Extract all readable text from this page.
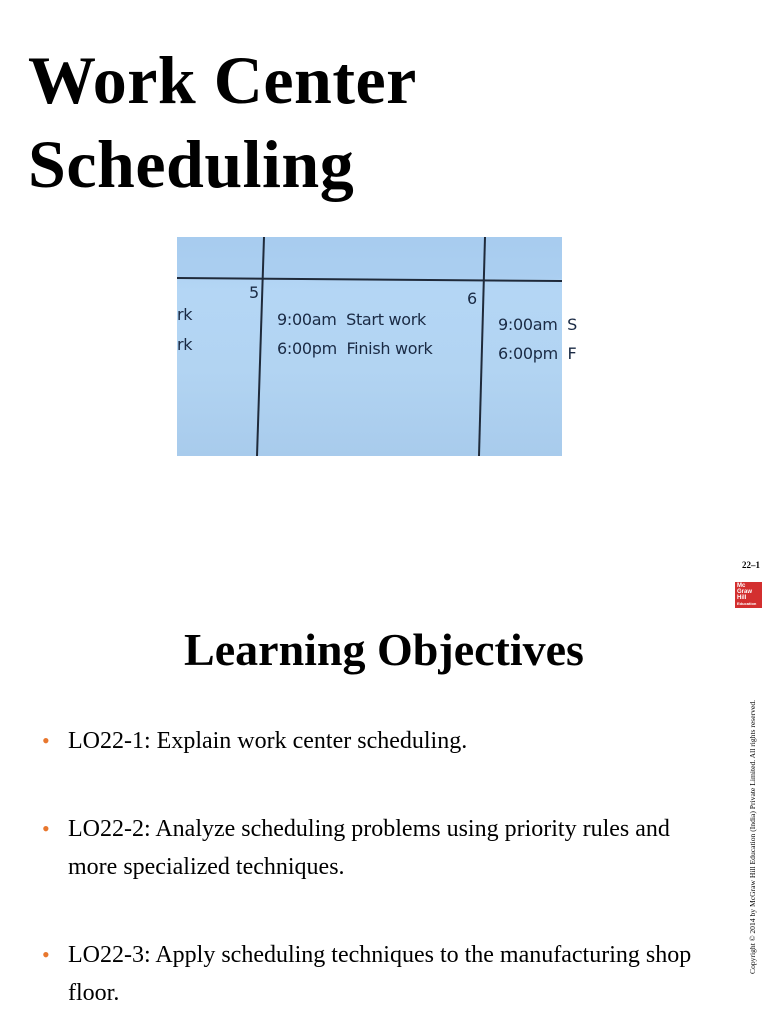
Work Center
Scheduling
5	6
rk
rk
9:00am  Start work
6:00pm  Finish work
9:00am  S
6:00pm  F
22–1
Mc
Graw
Hill
Education
Copyright © 2014 by McGraw Hill Education (India) Private Limited. All rights reserved.
Learning Objectives
• LO22-1: Explain work center scheduling.
• LO22-2: Analyze scheduling problems using priority rules and more specialized techniques.
• LO22-3: Apply scheduling techniques to the manufacturing shop floor.
